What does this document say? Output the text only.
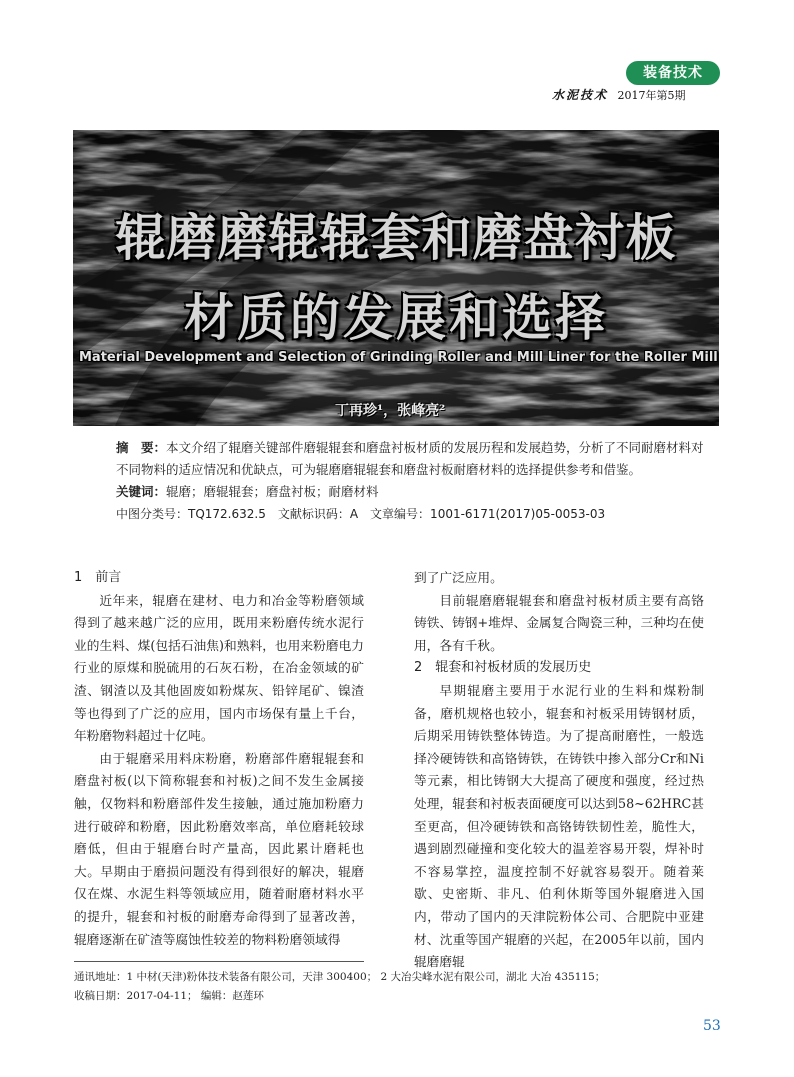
装备技术
水泥技术 2017年第5期
辊磨磨辊辊套和磨盘衬板
材质的发展和选择
Material Development and Selection of Grinding Roller and Mill Liner for the Roller Mill
丁再珍¹，张峰亮²

摘　要：本文介绍了辊磨关键部件磨辊辊套和磨盘衬板材质的发展历程和发展趋势，分析了不同耐磨材料对不同物料的适应情况和优缺点，可为辊磨磨辊辊套和磨盘衬板耐磨材料的选择提供参考和借鉴。

关键词：辊磨；磨辊辊套；磨盘衬板；耐磨材料

中图分类号：TQ172.632.5　文献标识码：A　文章编号：1001-6171(2017)05-0053-03

1　前言

近年来，辊磨在建材、电力和冶金等粉磨领域得到了越来越广泛的应用，既用来粉磨传统水泥行业的生料、煤(包括石油焦)和熟料，也用来粉磨电力行业的原煤和脱硫用的石灰石粉，在冶金领域的矿渣、钢渣以及其他固废如粉煤灰、铅锌尾矿、镍渣等也得到了广泛的应用，国内市场保有量上千台，年粉磨物料超过十亿吨。

由于辊磨采用料床粉磨，粉磨部件磨辊辊套和磨盘衬板(以下简称辊套和衬板)之间不发生金属接触，仅物料和粉磨部件发生接触，通过施加粉磨力进行破碎和粉磨，因此粉磨效率高，单位磨耗较球磨低，但由于辊磨台时产量高，因此累计磨耗也大。早期由于磨损问题没有得到很好的解决，辊磨仅在煤、水泥生料等领域应用，随着耐磨材料水平的提升，辊套和衬板的耐磨寿命得到了显著改善，辊磨逐渐在矿渣等腐蚀性较差的物料粉磨领域得

到了广泛应用。

目前辊磨磨辊辊套和磨盘衬板材质主要有高铬铸铁、铸钢+堆焊、金属复合陶瓷三种，三种均在使用，各有千秋。

2　辊套和衬板材质的发展历史

早期辊磨主要用于水泥行业的生料和煤粉制备，磨机规格也较小，辊套和衬板采用铸钢材质，后期采用铸铁整体铸造。为了提高耐磨性，一般选择冷硬铸铁和高铬铸铁，在铸铁中掺入部分Cr和Ni等元素，相比铸钢大大提高了硬度和强度，经过热处理，辊套和衬板表面硬度可以达到58~62HRC甚至更高，但冷硬铸铁和高铬铸铁韧性差，脆性大，遇到剧烈碰撞和变化较大的温差容易开裂，焊补时不容易掌控，温度控制不好就容易裂开。随着莱歇、史密斯、非凡、伯利休斯等国外辊磨进入国内，带动了国内的天津院粉体公司、合肥院中亚建材、沈重等国产辊磨的兴起，在2005年以前，国内辊磨磨辊

通讯地址：1 中材(天津)粉体技术装备有限公司，天津 300400； 2 大冶尖峰水泥有限公司，湖北 大冶 435115；
收稿日期：2017-04-11； 编辑：赵莲环
53
